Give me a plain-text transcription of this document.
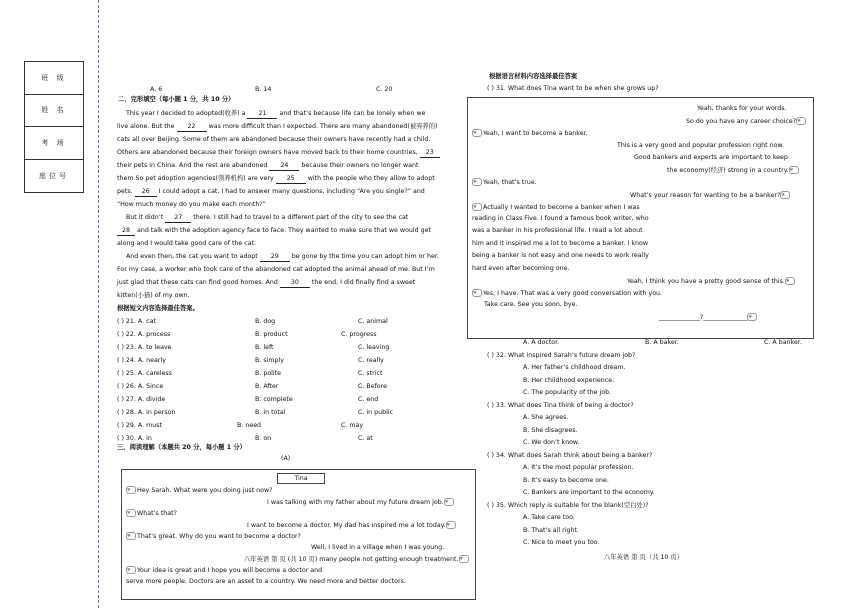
班 级
姓 名
考 场
座位号
A. 6	B. 14	C. 20
二、完形填空（每小题 1 分，共 10 分）
This year I decided to adopted(收养) a 21 and that’s because life can be lonely when we
live alone. But the 22 was more difficult than I expected. There are many abandoned(被弃养的)
cats all over Beijing. Some of them are abandoned because their owners have recently had a child.
Others are abandoned because their foreign owners have moved back to their home countries, 23
their pets in China. And the rest are abandoned 24 because their owners no longer want
them.So pet adoption agencies(领养机构) are very 25 with the people who they allow to adopt
pets. 26 I could adopt a cat, I had to answer many questions, including “Are you single?” and
“How much money do you make each month?”
But it didn’t 27 there. I still had to travel to a different part of the city to see the cat
28 and talk with the adoption agency face to face. They wanted to make sure that we would get
along and I would take good care of the cat.
And even then, the cat you want to adopt 29 be gone by the time you can adopt him or her.
For my case, a worker who took care of the abandoned cat adopted the animal ahead of me. But I’m
just glad that these cats can find good homes. And 30 the end, I did finally find a sweet
kitten(小猫) of my own.
根据短文内容选择最佳答案。
( ) 21. A. cat	B. dog	C. animal
( ) 22. A. process	B. product	C. progress
( ) 23. A. to leave	B. left	C. leaving
( ) 24. A. nearly	B. simply	C. really
( ) 25. A. careless	B. polite	C. strict
( ) 26. A. Since	B. After	C. Before
( ) 27. A. divide	B. complete	C. end
( ) 28. A. in person	B. in total	C. in public
( ) 29. A. must	B. need	C. may
( ) 30. A. in	B. on	C. at
三、阅读理解（本题共 20 分，每小题 1 分）
(A)
Tina
♥ Hey Sarah. What were you doing just now?
I was talking with my father about my future dream job.♥
♥ What’s that?
I want to become a doctor. My dad has inspired me a lot today.♥
♥ That’s great. Why do you want to become a doctor?
Well, I lived in a village when I was young.
八年英语 第 页 (共 10 页) many people not getting enough treatment.♥
♥ Your idea is great and I hope you will become a doctor and
serve more people. Doctors are an asset to a country. We need more and better doctors.
根据语言材料内容选择最佳答案
( ) 31. What does Tina want to be when she grows up?
Yeah, thanks for your words.
So do you have any career choice?♥
♥ Yeah, I want to become a banker.
This is a very good and popular profession right now.
Good bankers and experts are important to keep
the economy(经济) strong in a country.♥
♥ Yeah, that’s true.
What’s your reason for wanting to be a banker?♥
♥ Actually I wanted to become a banker when I was
reading in Class Five. I found a famous book writer, who
was a banker in his professional life. I read a lot about
him and it inspired me a lot to become a banker. I know
being a banker is not easy and one needs to work really
hard even after becoming one.
Yeah, I think you have a pretty good sense of this.♥
♥ Yes, I have. That was a very good conversation with you.
Take care. See you soon, bye.
_____________?______________♥
A. A doctor.	B. A baker.	C. A banker.
( ) 32. What inspired Sarah’s future dream job?
A. Her father’s childhood dream.
B. Her childhood experience.
C. The popularity of the job.
( ) 33. What does Tina think of being a doctor?
A. She agrees.
B. She disagrees.
C. We don’t know.
( ) 34. What does Sarah think about being a banker?
A. It’s the most popular profession.
B. It’s easy to become one.
C. Bankers are important to the economy.
( ) 35. Which reply is suitable for the blank(空白处)?
A. Take care too.
B. That’s all right.
C. Nice to meet you too.
八年英语 第 页（共 10 页）
